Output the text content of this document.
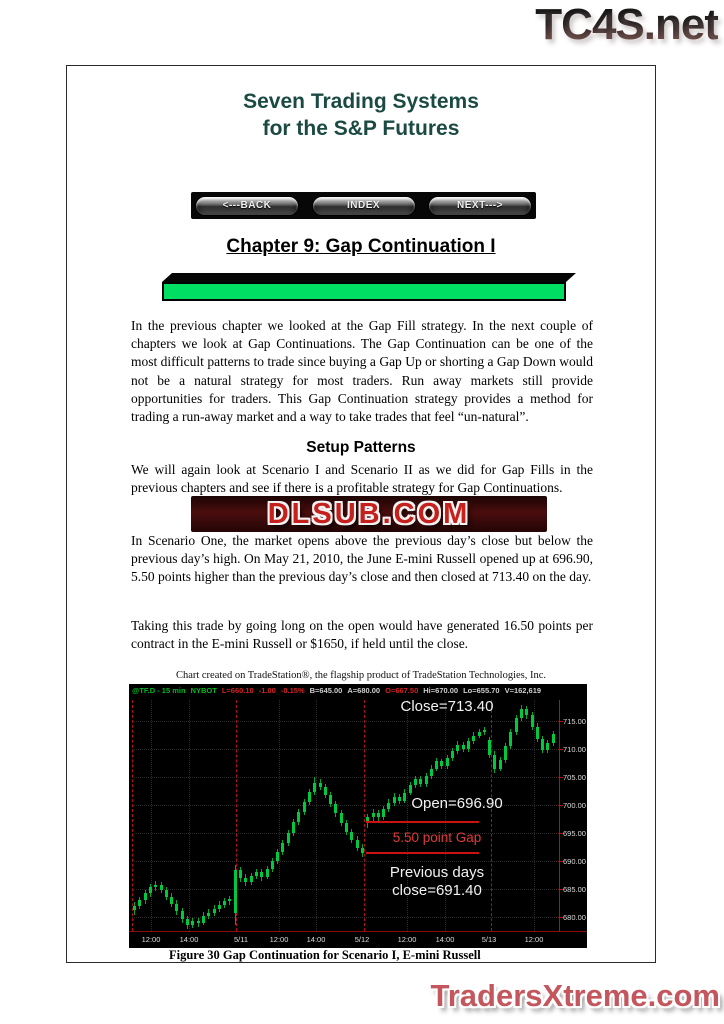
TC4S.net
Seven Trading Systems
for the S&P Futures
<---BACK	INDEX	NEXT--->
Chapter 9: Gap Continuation I

In the previous chapter we looked at the Gap Fill strategy. In the next couple of chapters we look at Gap Continuations. The Gap Continuation can be one of the most difficult patterns to trade since buying a Gap Up or shorting a Gap Down would not be a natural strategy for most traders. Run away markets still provide opportunities for traders. This Gap Continuation strategy provides a method for trading a run-away market and a way to take trades that feel “un-natural”.

Setup Patterns

We will again look at Scenario I and Scenario II as we did for Gap Fills in the previous chapters and see if there is a profitable strategy for Gap Continuations.

DLSUB.COM

In Scenario One, the market opens above the previous day’s close but below the previous day’s high. On May 21, 2010, the June E-mini Russell opened up at 696.90, 5.50 points higher than the previous day’s close and then closed at 713.40 on the day.

Taking this trade by going long on the open would have generated 16.50 points per contract in the E-mini Russell or $1650, if held until the close.

Chart created on TradeStation®, the flagship product of TradeStation Technologies, Inc.
@TF.D - 15 min NYBOT L=660.10 -1.00 -0.15% B=645.00 A=680.00 O=667.50 Hi=670.00 Lo=655.70 V=162,619
715.00
710.00
705.00
700.00
695.00
690.00
685.00
680.00
Close=713.40
Open=696.90
5.50 point Gap
Previous days
close=691.40
12:00	14:00	5/11	12:00	14:00	5/12	12:00	14:00	5/13	12:00
Figure 30 Gap Continuation for Scenario I, E-mini Russell
TradersXtreme.com
